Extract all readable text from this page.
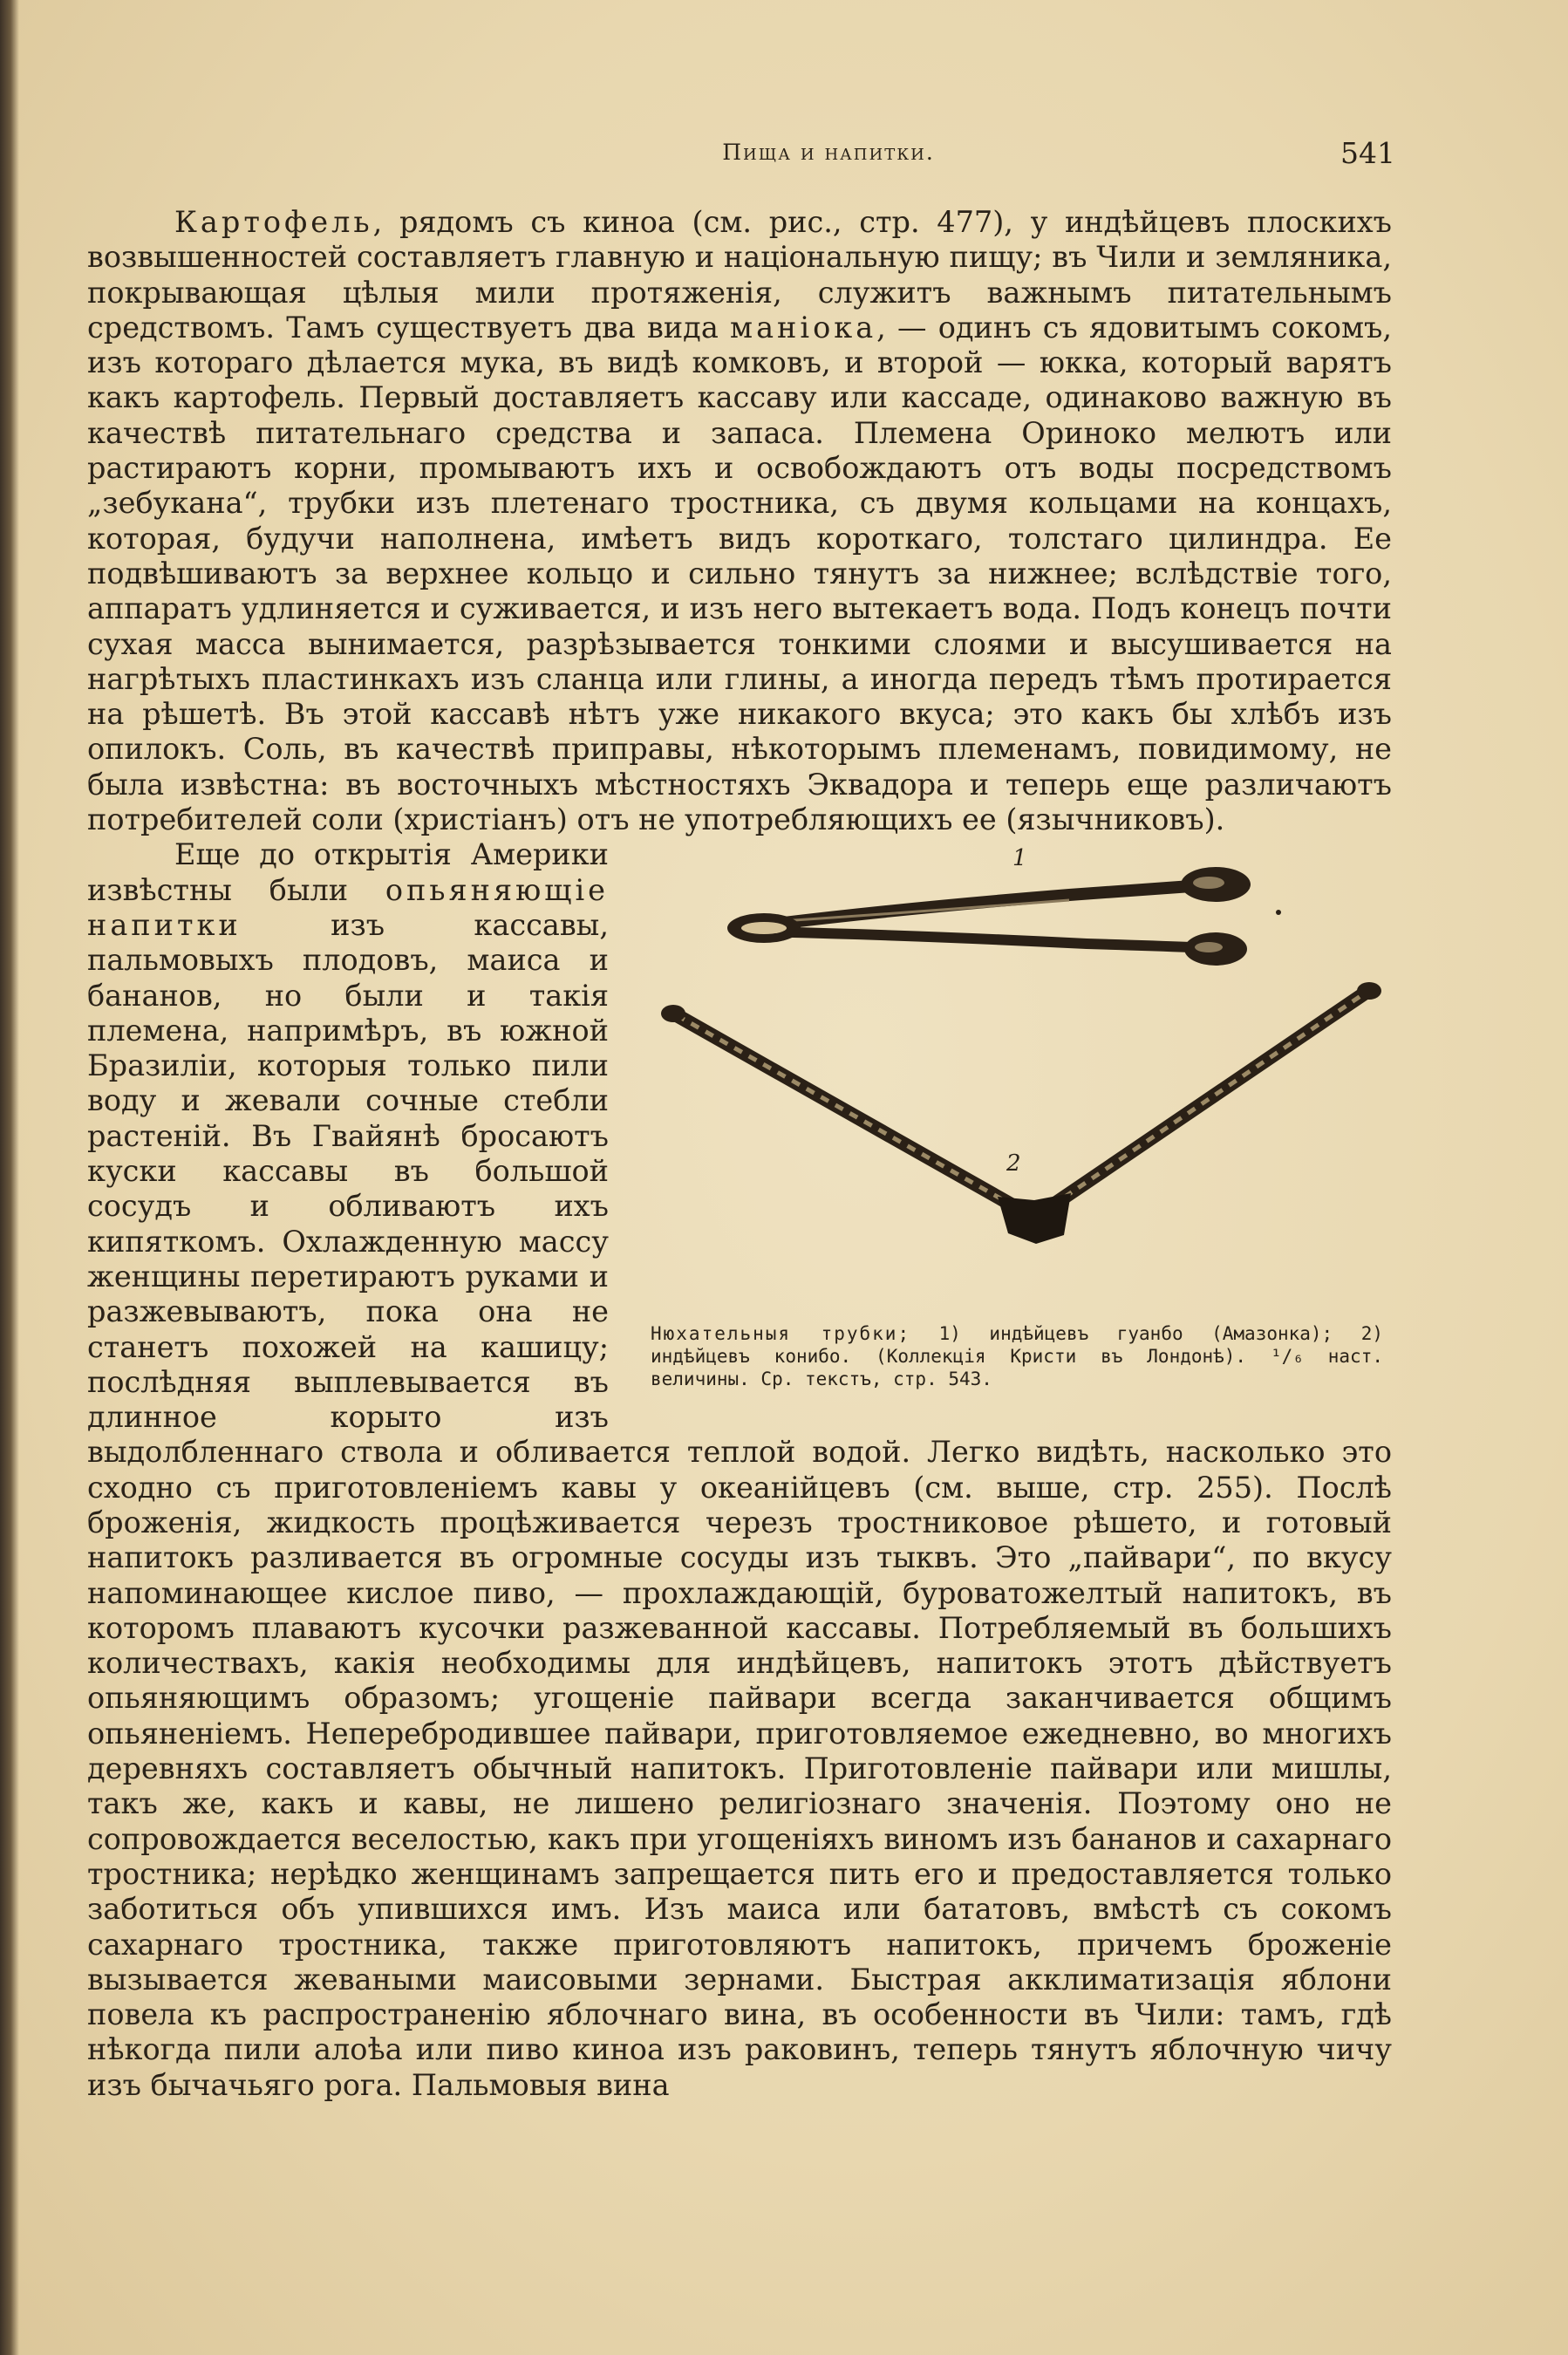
Пища и напитки.	541

Картофель, рядомъ съ киноа (см. рис., стр. 477), у индѣйцевъ плоскихъ возвышенностей составляетъ главную и національную пищу; въ Чили и земляника, покрывающая цѣлыя мили протяженія, служитъ важнымъ питательнымъ средствомъ. Тамъ существуетъ два вида маніока, — одинъ съ ядовитымъ сокомъ, изъ котораго дѣлается мука, въ видѣ комковъ, и второй — юкка, который варятъ какъ картофель. Первый доставляетъ кассаву или кассаде, одинаково важную въ качествѣ питательнаго средства и запаса. Племена Ориноко мелютъ или растираютъ корни, промываютъ ихъ и освобождаютъ отъ воды посредствомъ „зебукана“, трубки изъ плетенаго тростника, съ двумя кольцами на концахъ, которая, будучи наполнена, имѣетъ видъ короткаго, толстаго цилиндра. Ее подвѣшиваютъ за верхнее кольцо и сильно тянутъ за нижнее; вслѣдствіе того, аппаратъ удлиняется и суживается, и изъ него вытекаетъ вода. Подъ конецъ почти сухая масса вынимается, разрѣзывается тонкими слоями и высушивается на нагрѣтыхъ пластинкахъ изъ сланца или глины, а иногда передъ тѣмъ протирается на рѣшетѣ. Въ этой кассавѣ нѣтъ уже никакого вкуса; это какъ бы хлѣбъ изъ опилокъ. Соль, въ качествѣ приправы, нѣкоторымъ племенамъ, повидимому, не была извѣстна: въ восточныхъ мѣстностяхъ Эквадора и теперь еще различаютъ потребителей соли (христіанъ) отъ не употребляющихъ ее (язычниковъ).

1
2
Нюхательныя трубки; 1) индѣйцевъ гуанбо (Амазонка); 2) индѣйцевъ конибо. (Коллекція Кристи въ Лондонѣ). ¹/₆ наст. величины. Ср. текстъ, стр. 543.

Еще до открытія Америки извѣстны были опьяняющіе напитки изъ кассавы, пальмовыхъ плодовъ, маиса и бананов, но были и такія племена, напримѣръ, въ южной Бразиліи, которыя только пили воду и жевали сочные стебли растеній. Въ Гвайянѣ бросаютъ куски кассавы въ большой сосудъ и обливаютъ ихъ кипяткомъ. Охлажденную массу женщины перетираютъ руками и разжевываютъ, пока она не станетъ похожей на кашицу; послѣдняя выплевывается въ длинное корыто изъ выдолбленнаго ствола и обливается теплой водой. Легко видѣть, насколько это сходно съ приготовленіемъ кавы у океанійцевъ (см. выше, стр. 255). Послѣ броженія, жидкость процѣживается черезъ тростниковое рѣшето, и готовый напитокъ разливается въ огромные сосуды изъ тыквъ. Это „пайвари“, по вкусу напоминающее кислое пиво, — прохлаждающій, буроватожелтый напитокъ, въ которомъ плаваютъ кусочки разжеванной кассавы. Потребляемый въ большихъ количествахъ, какія необходимы для индѣйцевъ, напитокъ этотъ дѣйствуетъ опьяняющимъ образомъ; угощеніе пайвари всегда заканчивается общимъ опьяненіемъ. Неперебродившее пайвари, приготовляемое ежедневно, во многихъ деревняхъ составляетъ обычный напитокъ. Приготовленіе пайвари или мишлы, такъ же, какъ и кавы, не лишено религіознаго значенія. Поэтому оно не сопровождается веселостью, какъ при угощеніяхъ виномъ изъ бананов и сахарнаго тростника; нерѣдко женщинамъ запрещается пить его и предоставляется только заботиться объ упившихся имъ. Изъ маиса или бататовъ, вмѣстѣ съ сокомъ сахарнаго тростника, также приготовляютъ напитокъ, причемъ броженіе вызывается жеваными маисовыми зернами. Быстрая акклиматизація яблони повела къ распространенію яблочнаго вина, въ особенности въ Чили: тамъ, гдѣ нѣкогда пили алоѣа или пиво киноа изъ раковинъ, теперь тянутъ яблочную чичу изъ бычачьяго рога. Пальмовыя вина
